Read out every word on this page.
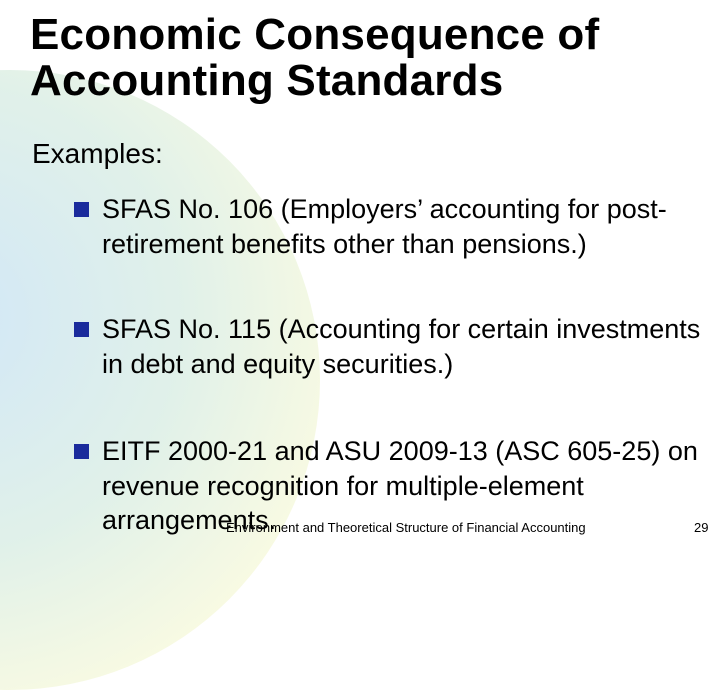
Economic Consequence of
Accounting Standards
Examples:
SFAS No. 106 (Employers’ accounting for post-retirement benefits other than pensions.)
SFAS No. 115 (Accounting for certain investments in debt and equity securities.)
EITF 2000-21 and ASU 2009-13 (ASC 605-25) on revenue recognition for multiple-element arrangements.
Environment and Theoretical Structure of Financial Accounting	29
